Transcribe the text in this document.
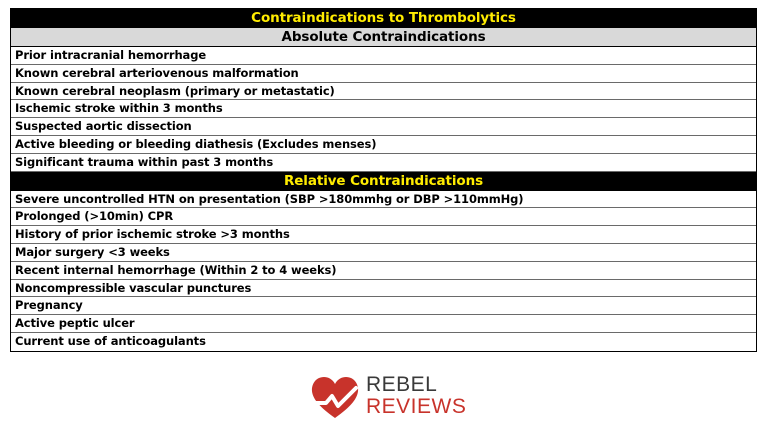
Contraindications to Thrombolytics
Absolute Contraindications
Prior intracranial hemorrhage
Known cerebral arteriovenous malformation
Known cerebral neoplasm (primary or metastatic)
Ischemic stroke within 3 months
Suspected aortic dissection
Active bleeding or bleeding diathesis (Excludes menses)
Significant trauma within past 3 months
Relative Contraindications
Severe uncontrolled HTN on presentation (SBP >180mmhg or DBP >110mmHg)
Prolonged (>10min) CPR
History of prior ischemic stroke >3 months
Major surgery <3 weeks
Recent internal hemorrhage (Within 2 to 4 weeks)
Noncompressible vascular punctures
Pregnancy
Active peptic ulcer
Current use of anticoagulants
REBEL
REVIEWS
